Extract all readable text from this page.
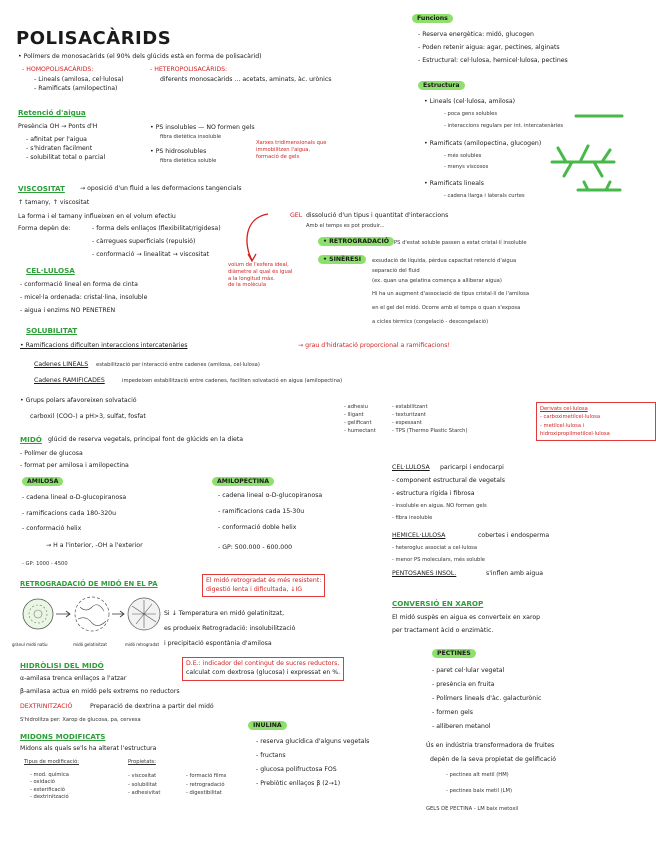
POLISACÀRIDS
• Polímers de monosacàrids (el 90% dels glúcids està en forma de polisacàrid)
- HOMOPOLISACÀRIDS:
- Lineals (amilosa, cel·lulosa)
- Ramificats (amilopectina)
- HETEROPOLISACÀRIDS:
diferents monosacàrids ... acetats, aminats, àc. urònics
Retenció d'aigua
Presència OH → Ponts d'H
- afinitat per l'aigua
- s'hidraten fàcilment
- solubilitat total o parcial
• PS insolubles — NO formen gels
fibra dietètica insoluble
• PS hidrosolubles
fibra dietètica soluble
Xarxes tridimensionals que
immobilitzen l'aigua,
formació de gels
VISCOSITAT → oposició d'un fluid a les deformacions tangencials
↑ tamany, ↑ viscositat
La forma i el tamany influeixen en el volum efectiu
Forma depèn de:	- forma dels enllaços (flexibilitat/rigidesa)
- càrregues superficials (repulsió)
- conformació → linealitat → viscositat
volum de l'esfera ideal,
diàmetre al qual és igual
a la longitud màx.
de la molècula
GEL dissolució d'un tipus i quantitat d'interaccions
Amb el temps es pot produir...
• RETROGRADACIÓ PS d'estat soluble passen a estat cristal·lí insoluble
• SINÈRESI	exsudació de líquida, pèrdua capacitat retenció d'aigua
separació del fluid
(ex. quan una gelatina comença a alliberar aigua)
Hi ha un augment d'associació de tipus cristal·lí de l'amilosa
en el gel del midó. Ocorre amb el temps o quan s'exposa
a cicles tèrmics (congelació - descongelació)
CEL·LULOSA
- conformació lineal en forma de cinta
- micel·la ordenada: cristal·lina, insoluble
- aigua i enzims NO PENETREN
SOLUBILITAT
• Ramificacions dificulten interaccions intercatenàries	→ grau d'hidratació proporcional a ramificacions!
Cadenes LINEALS estabilització per interacció entre cadenes (amilosa, cel·lulosa)
Cadenes RAMIFICADES	impedeixen estabilització entre cadenes, faciliten solvatació en aigua (amilopectina)
• Grups polars afavoreixen solvatació
carboxil (COO-) a pH>3, sulfat, fosfat
- adhesiu
- lligant
- gelificant
- humectant
- estabilitzant
- texturitzant
- espessant
- TPS (Thermo Plastic Starch)
Derivats cel·lulosa
- carboximetilcel·lulosa
- metilcel·lulosa i
hidroxipropilmetilcel·lulosa
MIDÓ glúcid de reserva vegetals, principal font de glúcids en la dieta
- Polímer de glucosa
- format per amilosa i amilopectina
AMILOSA
- cadena lineal α-D-glucopiranosa
- ramificacions cada 180-320u
- conformació helix
→ H a l'interior, -OH a l'exterior
- GP: 1000 - 4500
AMILOPECTINA
- cadena lineal α-D-glucopiranosa
- ramificacions cada 15-30u
- conformació doble helix
- GP: 500.000 - 600.000
CEL·LULOSA paricarpi i endocarpi
- component estructural de vegetals
- estructura rígida i fibrosa
- insoluble en aigua. NO formen gels
- fibra insoluble
HEMICEL·LULOSA	cobertes i endosperma
- heterogluc associat a cel·lulosa
- menor PS moleculars, més soluble
PENTOSANES INSOL.	s'inflen amb aigua
RETROGRADACIÓ DE MIDÓ EN EL PA	El midó retrogradat és més resistent:
digestió lenta i dificultada, ↓IG
grànul midó natiu	midó gelatinitzat	midó retrogradat
Si ↓ Temperatura en midó gelatinitzat,
es produeix Retrogradació: insolubilització
i precipitació espontània d'amilosa
CONVERSIÓ EN XAROP
El midó suspès en aigua es converteix en xarop
per tractament àcid o enzimàtic.
HIDRÒLISI DEL MIDÓ
α-amilasa trenca enllaços a l'atzar
β-amilasa actua en midó pels extrems no reductors
DEXTRINITZACIÓ	Preparació de dextrina a partir del midó
S'hidrolitza per: Xarop de glucosa, pa, cervesa
D.E.: indicador del contingut de sucres reductors,
calculat com dextrosa (glucosa) i expressat en %.
PECTINES
- paret cel·lular vegetal
- presència en fruita
- Polímers lineals d'àc. galacturònic
- formen gels
- alliberen metanol
Ús en indústria transformadora de fruites
depèn de la seva propietat de gelificació
- pectines alt metil (HM)
- pectines baix metil (LM)
GELS DE PECTINA - LM baix metoxil
MIDONS MODIFICATS
Midons als quals se'ls ha alterat l'estructura
Tipus de modificació:
- mod. química
- oxidació
- esterificació
- dextrinització
Propietats:
- viscositat
- solubilitat
- adhesivitat
- formació films
- retrogradació
- digestibilitat
INULINA
- reserva glucídica d'alguns vegetals
- fructans
- glucosa polifructosa FOS
- Prebiòtic enllaços β (2→1)
Funcions
- Reserva energètica: midó, glucogen
- Poden retenir aigua: agar, pectines, alginats
- Estructural: cel·lulosa, hemicel·lulosa, pectines
Estructura
• Lineals (cel·lulosa, amilosa)
- poca gens solubles
- interaccions regulars per int. intercatenàries
• Ramificats (amilopectina, glucogen)
- més solubles
- menys viscosos
• Ramificats lineals
- cadena llarga i laterals curtes
